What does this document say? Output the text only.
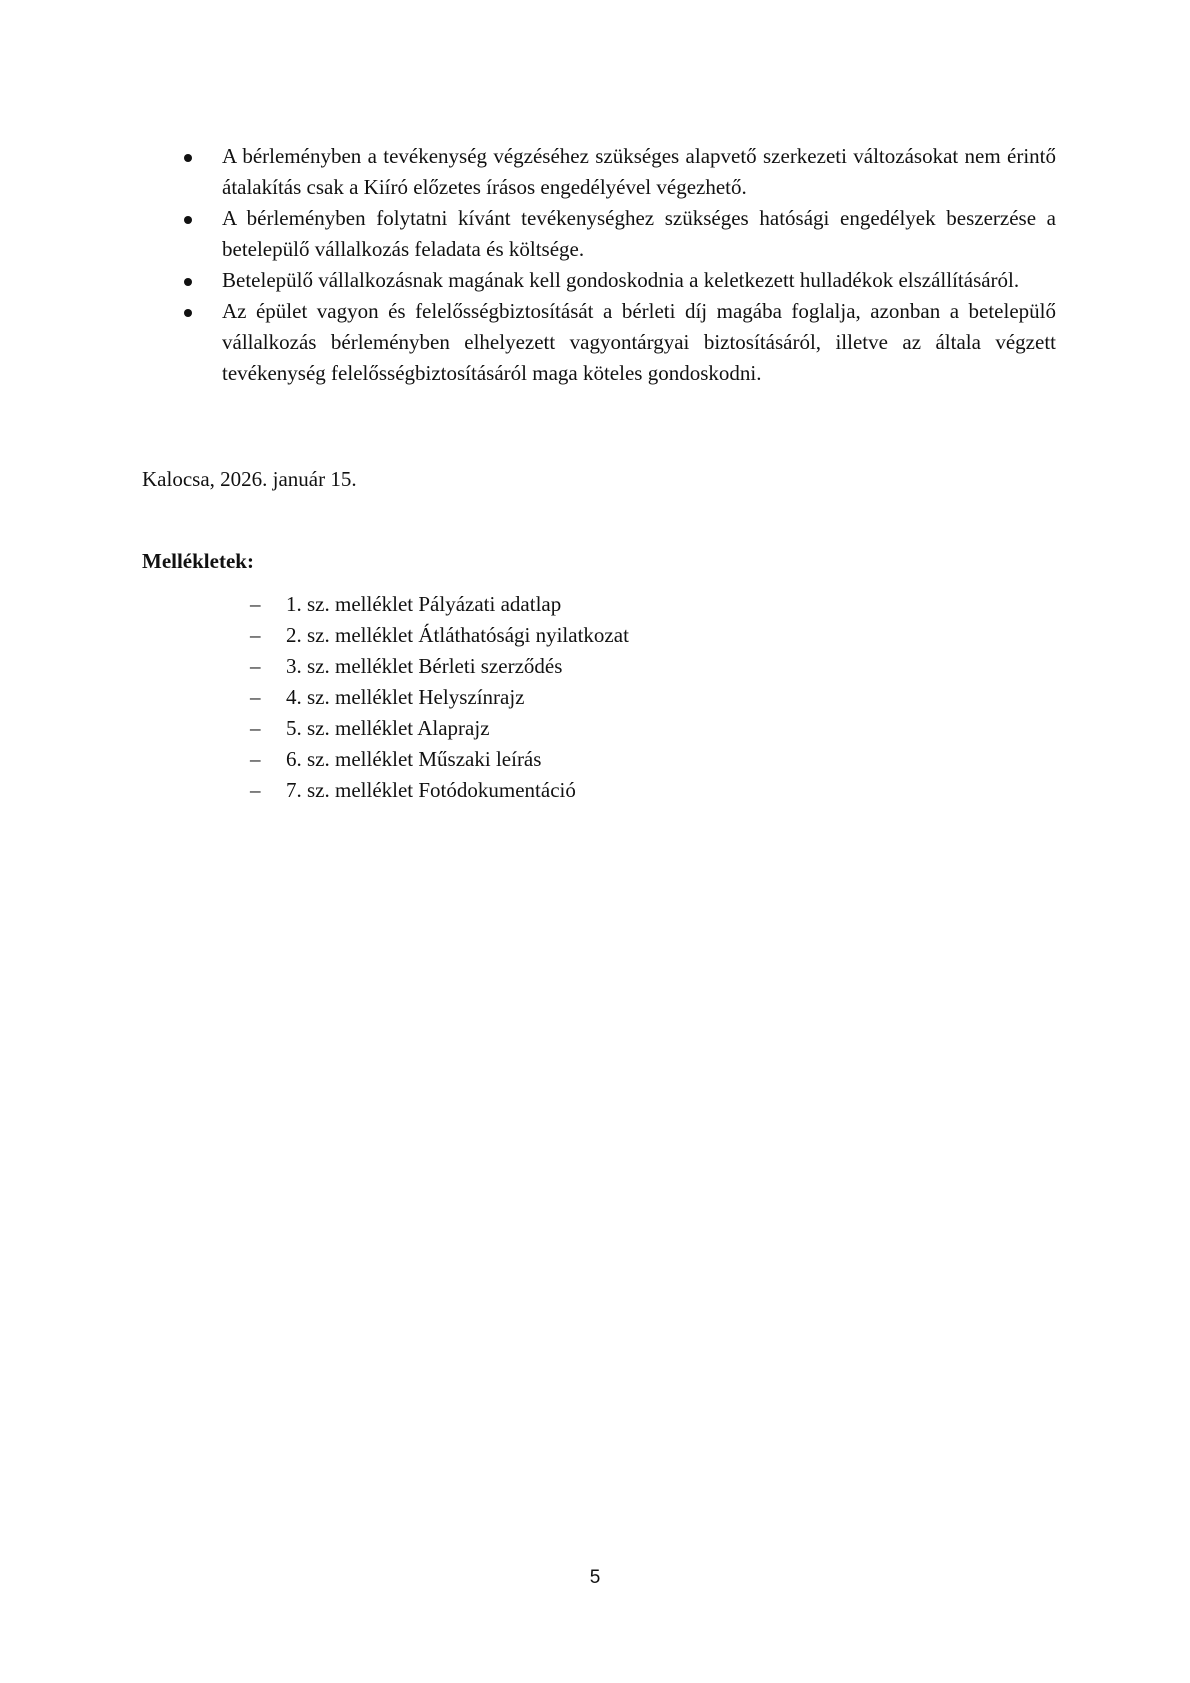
A bérleményben a tevékenység végzéséhez szükséges alapvető szerkezeti változásokat nem érintő átalakítás csak a Kiíró előzetes írásos engedélyével végezhető.
A bérleményben folytatni kívánt tevékenységhez szükséges hatósági engedélyek beszerzése a betelepülő vállalkozás feladata és költsége.
Betelepülő vállalkozásnak magának kell gondoskodnia a keletkezett hulladékok elszállításáról.
Az épület vagyon és felelősségbiztosítását a bérleti díj magába foglalja, azonban a betelepülő vállalkozás bérleményben elhelyezett vagyontárgyai biztosításáról, illetve az általa végzett tevékenység felelősségbiztosításáról maga köteles gondoskodni.

Kalocsa, 2026. január 15.

Mellékletek:

– 1. sz. melléklet Pályázati adatlap
– 2. sz. melléklet Átláthatósági nyilatkozat
– 3. sz. melléklet Bérleti szerződés
– 4. sz. melléklet Helyszínrajz
– 5. sz. melléklet Alaprajz
– 6. sz. melléklet Műszaki leírás
– 7. sz. melléklet Fotódokumentáció

5
